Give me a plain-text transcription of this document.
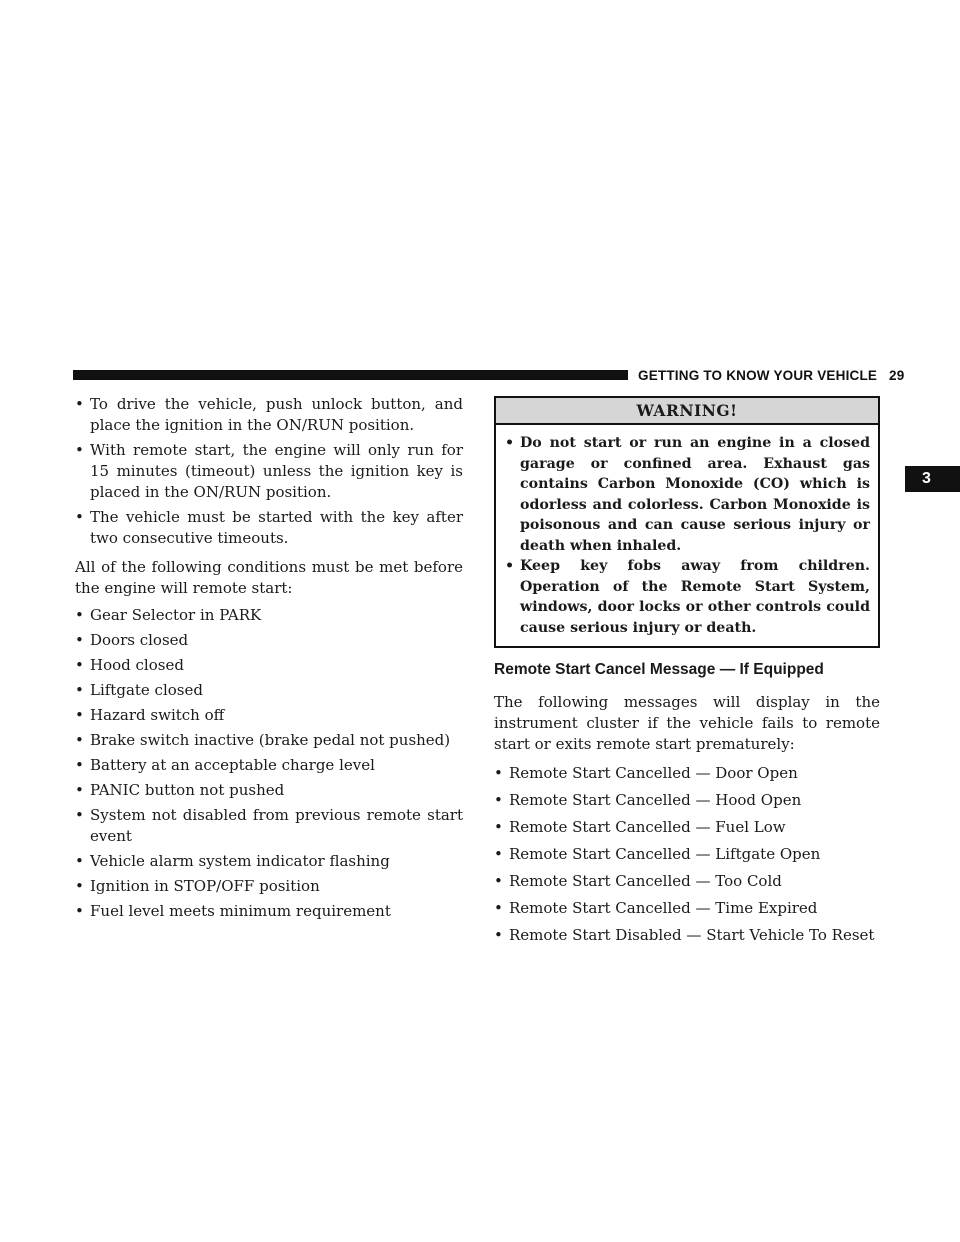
GETTING TO KNOW YOUR VEHICLE 29
3
• To drive the vehicle, push unlock button, and place the ignition in the ON/RUN position.
• With remote start, the engine will only run for 15 minutes (timeout) unless the ignition key is placed in the ON/RUN position.
• The vehicle must be started with the key after two consecutive timeouts.

All of the following conditions must be met before the engine will remote start:

• Gear Selector in PARK
• Doors closed
• Hood closed
• Liftgate closed
• Hazard switch off
• Brake switch inactive (brake pedal not pushed)
• Battery at an acceptable charge level
• PANIC button not pushed
• System not disabled from previous remote start event
• Vehicle alarm system indicator flashing
• Ignition in STOP/OFF position
• Fuel level meets minimum requirement
WARNING!
• Do not start or run an engine in a closed garage or confined area. Exhaust gas contains Carbon Monoxide (CO) which is odorless and colorless. Carbon Monoxide is poisonous and can cause serious injury or death when inhaled.
• Keep key fobs away from children. Operation of the Remote Start System, windows, door locks or other controls could cause serious injury or death.
Remote Start Cancel Message — If Equipped

The following messages will display in the instrument cluster if the vehicle fails to remote start or exits remote start prematurely:

• Remote Start Cancelled — Door Open
• Remote Start Cancelled — Hood Open
• Remote Start Cancelled — Fuel Low
• Remote Start Cancelled — Liftgate Open
• Remote Start Cancelled — Too Cold
• Remote Start Cancelled — Time Expired
• Remote Start Disabled — Start Vehicle To Reset
